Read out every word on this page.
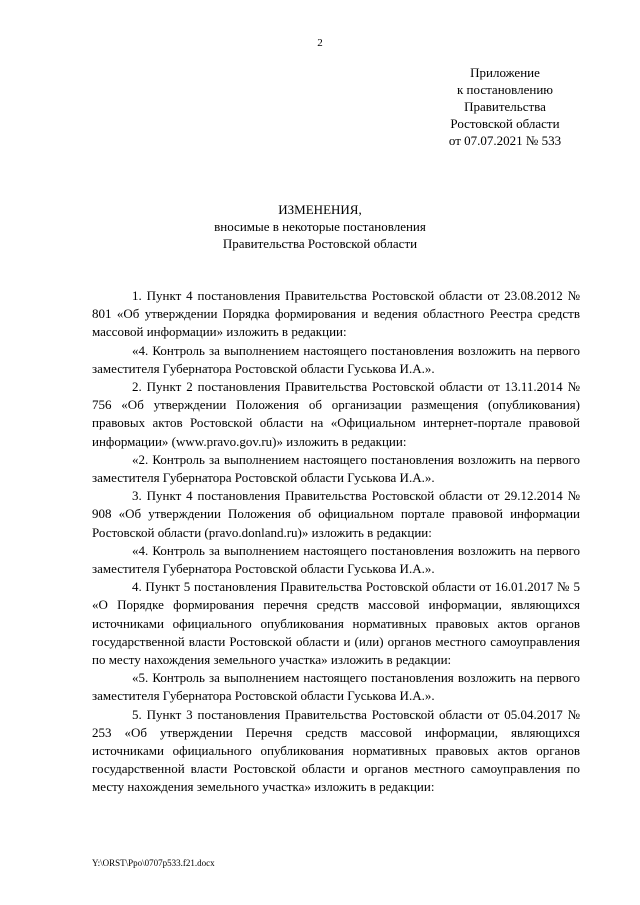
2
Приложение
к постановлению
Правительства
Ростовской области
от 07.07.2021 № 533
ИЗМЕНЕНИЯ,
вносимые в некоторые постановления
Правительства Ростовской области

1. Пункт 4 постановления Правительства Ростовской области от 23.08.2012 № 801 «Об утверждении Порядка формирования и ведения областного Реестра средств массовой информации» изложить в редакции:

«4. Контроль за выполнением настоящего постановления возложить на первого заместителя Губернатора Ростовской области Гуськова И.А.».

2. Пункт 2 постановления Правительства Ростовской области от 13.11.2014 № 756 «Об утверждении Положения об организации размещения (опубликования) правовых актов Ростовской области на «Официальном интернет-портале правовой информации» (www.pravo.gov.ru)» изложить в редакции:

«2. Контроль за выполнением настоящего постановления возложить на первого заместителя Губернатора Ростовской области Гуськова И.А.».

3. Пункт 4 постановления Правительства Ростовской области от 29.12.2014 № 908 «Об утверждении Положения об официальном портале правовой информации Ростовской области (pravo.donland.ru)» изложить в редакции:

«4. Контроль за выполнением настоящего постановления возложить на первого заместителя Губернатора Ростовской области Гуськова И.А.».

4. Пункт 5 постановления Правительства Ростовской области от 16.01.2017 № 5 «О Порядке формирования перечня средств массовой информации, являющихся источниками официального опубликования нормативных правовых актов органов государственной власти Ростовской области и (или) органов местного самоуправления по месту нахождения земельного участка» изложить в редакции:

«5. Контроль за выполнением настоящего постановления возложить на первого заместителя Губернатора Ростовской области Гуськова И.А.».

5. Пункт 3 постановления Правительства Ростовской области от 05.04.2017 № 253 «Об утверждении Перечня средств массовой информации, являющихся источниками официального опубликования нормативных правовых актов органов государственной власти Ростовской области и органов местного самоуправления по месту нахождения земельного участка» изложить в редакции:

Y:\ORST\Ppo\0707p533.f21.docx
